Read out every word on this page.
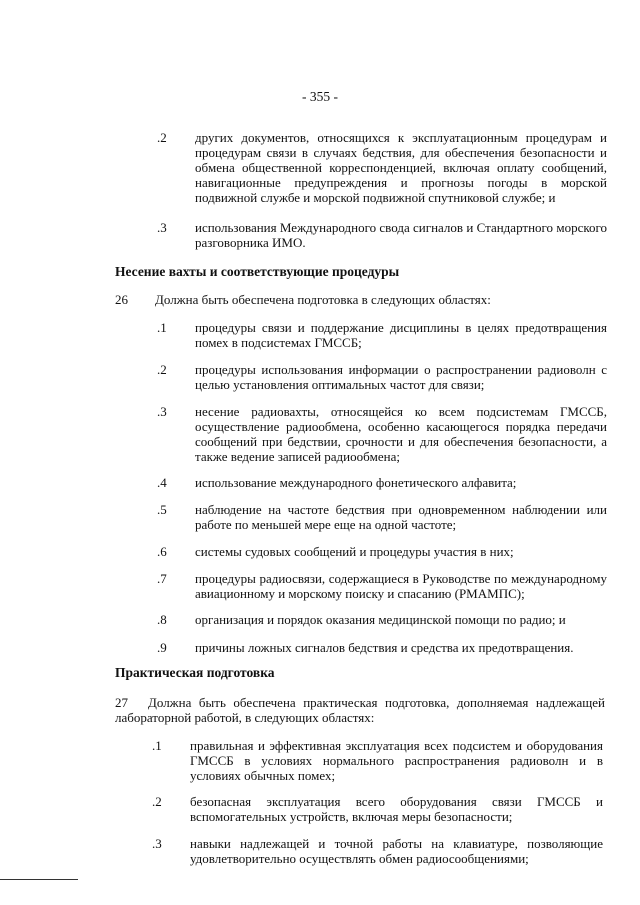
- 355 -
.2	других документов, относящихся к эксплуатационным процедурам и процедурам связи в случаях бедствия, для обеспечения безопасности и обмена общественной корреспонденцией, включая оплату сообщений, навигационные предупреждения и прогнозы погоды в морской подвижной службе и морской подвижной спутниковой службе; и
.3	использования Международного свода сигналов и Стандартного морского разговорника ИМО.
Несение вахты и соответствующие процедуры
26 Должна быть обеспечена подготовка в следующих областях:
.1	процедуры связи и поддержание дисциплины в целях предотвращения помех в подсистемах ГМССБ;
.2	процедуры использования информации о распространении радиоволн с целью установления оптимальных частот для связи;
.3	несение радиовахты, относящейся ко всем подсистемам ГМССБ, осуществление радиообмена, особенно касающегося порядка передачи сообщений при бедствии, срочности и для обеспечения безопасности, а также ведение записей радиообмена;
.4	использование международного фонетического алфавита;
.5	наблюдение на частоте бедствия при одновременном наблюдении или работе по меньшей мере еще на одной частоте;
.6	системы судовых сообщений и процедуры участия в них;
.7	процедуры радиосвязи, содержащиеся в Руководстве по международному авиационному и морскому поиску и спасанию (РМАМПС);
.8	организация и порядок оказания медицинской помощи по радио; и
.9	причины ложных сигналов бедствия и средства их предотвращения.
Практическая подготовка
27 Должна быть обеспечена практическая подготовка, дополняемая надлежащей лабораторной работой, в следующих областях:
.1	правильная и эффективная эксплуатация всех подсистем и оборудования ГМССБ в условиях нормального распространения радиоволн и в условиях обычных помех;
.2	безопасная эксплуатация всего оборудования связи ГМССБ и вспомогательных устройств, включая меры безопасности;
.3	навыки надлежащей и точной работы на клавиатуре, позволяющие удовлетворительно осуществлять обмен радиосообщениями;
